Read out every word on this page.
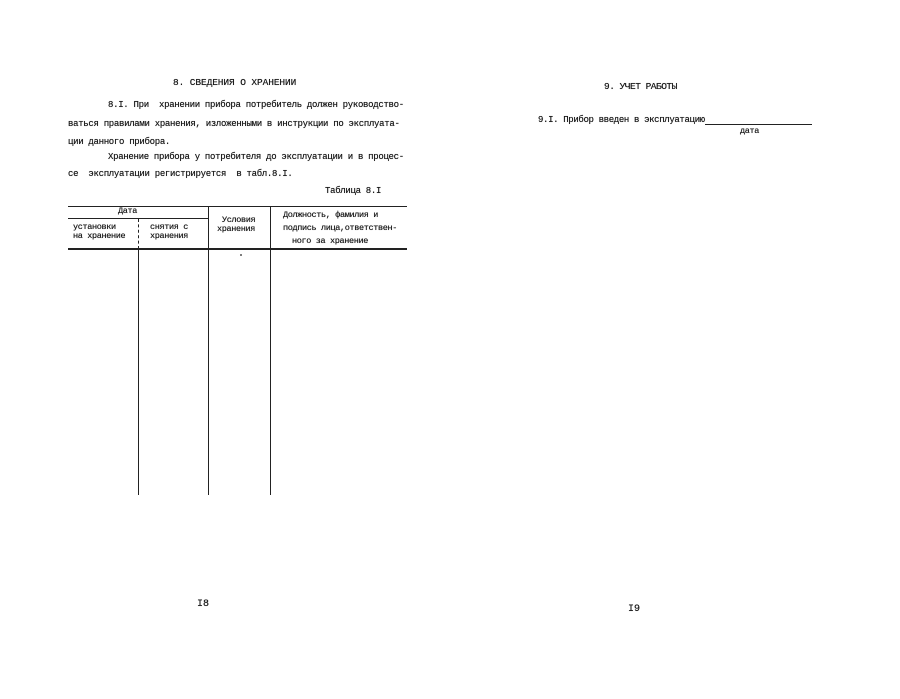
8. СВЕДЕНИЯ О ХРАНЕНИИ
8.I. При  хранении прибора потребитель должен руководство-
ваться правилами хранения, изложенными в инструкции по эксплуата-
ции данного прибора.
Хранение прибора у потребителя до эксплуатации и в процес-
се  эксплуатации регистрируется  в табл.8.I.
Таблица 8.I
Дата
установки
на хранение
снятия с
хранения
Условия
хранения
Должность, фамилия и
подпись лица,ответствен-
ного за хранение
I8
9. УЧЕТ РАБОТЫ
9.I. Прибор введен в эксплуатацию
дата
I9
